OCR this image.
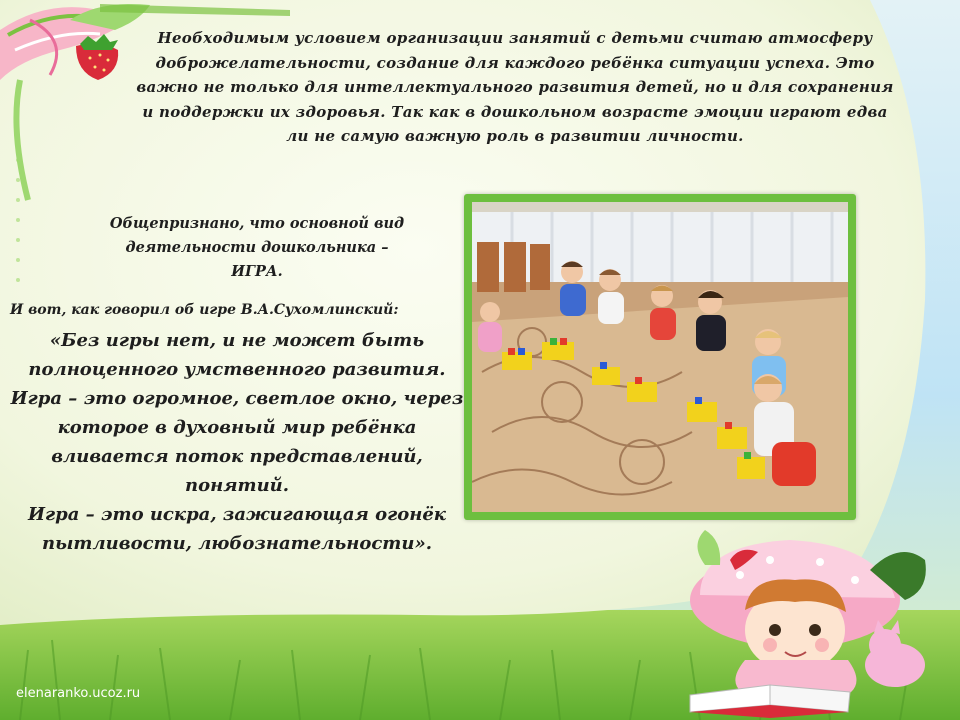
Необходимым условием организации занятий с детьми считаю атмосферу доброжелательности, создание для каждого ребёнка ситуации успеха. Это важно не только для интеллектуального развития детей, но и для сохранения и поддержки их здоровья. Так как в дошкольном возрасте эмоции играют едва ли не самую важную роль в развитии личности.

Общепризнано, что основной вид
деятельности дошкольника –
ИГРА.
И вот, как говорил об игре В.А.Сухомлинский:
«Без игры нет, и не может быть
полноценного умственного развития.
Игра – это огромное, светлое окно, через
которое в духовный мир ребёнка
вливается поток представлений,
понятий.
Игра – это искра, зажигающая огонёк
пытливости, любознательности».
elenaranko.ucoz.ru
